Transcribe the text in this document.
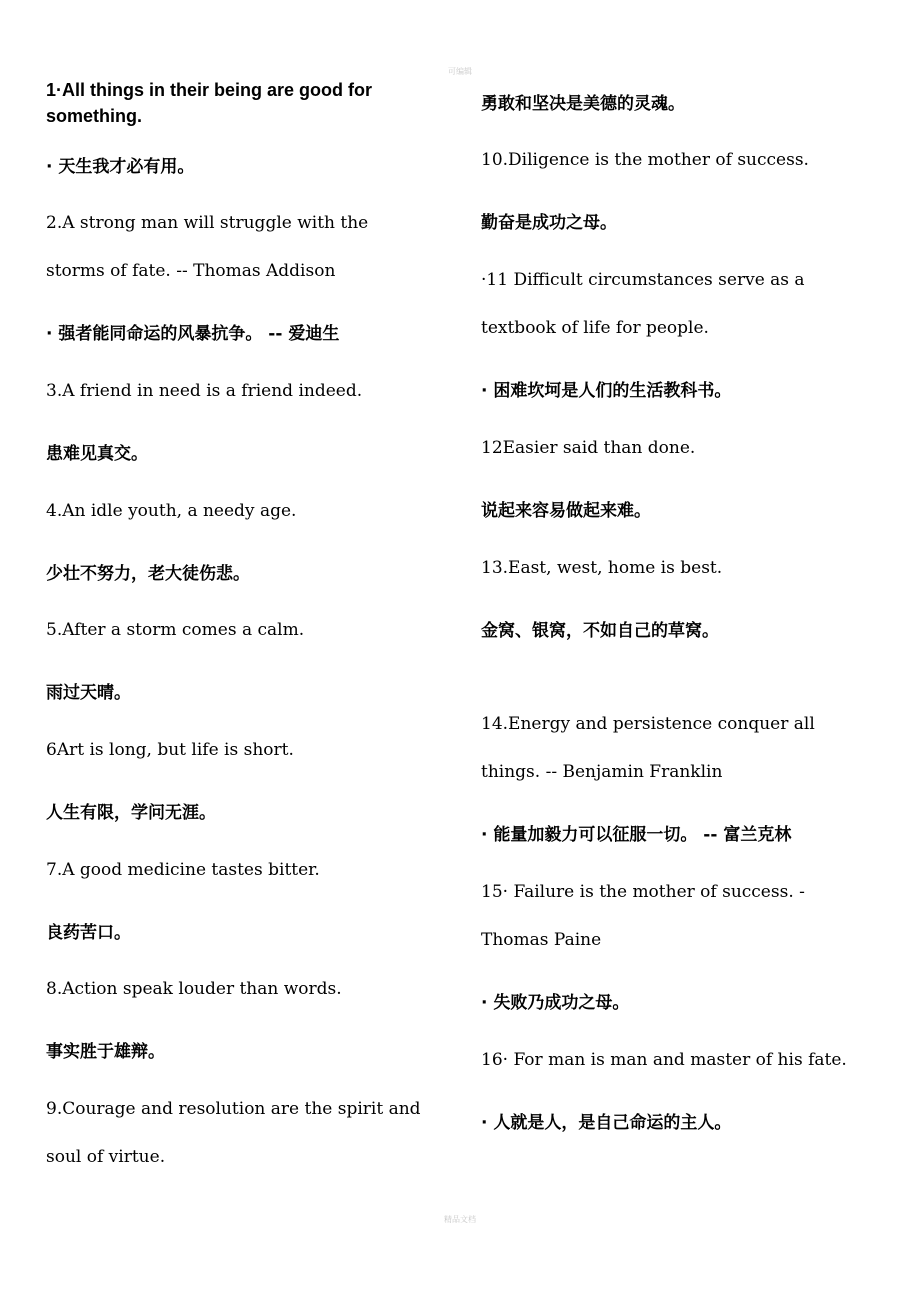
可编辑
1·All things in their being are good for
something.
· 天生我才必有用。
2.A strong man will struggle with the
storms of fate. -- Thomas Addison
· 强者能同命运的风暴抗争。 -- 爱迪生
3.A friend in need is a friend indeed.
患难见真交。
4.An idle youth, a needy age.
少壮不努力，老大徒伤悲。
5.After a storm comes a calm.
雨过天晴。
6Art is long, but life is short.
人生有限，学问无涯。
7.A good medicine tastes bitter.
良药苦口。
8.Action speak louder than words.
事实胜于雄辩。
9.Courage and resolution are the spirit and
soul of virtue.
勇敢和坚决是美德的灵魂。
10.Diligence is the mother of success.
勤奋是成功之母。
·11 Difficult circumstances serve as a
textbook of life for people.
· 困难坎坷是人们的生活教科书。
12Easier said than done.
说起来容易做起来难。
13.East, west, home is best.
金窝、银窝，不如自己的草窝。
14.Energy and persistence conquer all
things. -- Benjamin Franklin
· 能量加毅力可以征服一切。 -- 富兰克林
15· Failure is the mother of success. -
Thomas Paine
· 失败乃成功之母。
16· For man is man and master of his fate.
· 人就是人，是自己命运的主人。
精品文档
